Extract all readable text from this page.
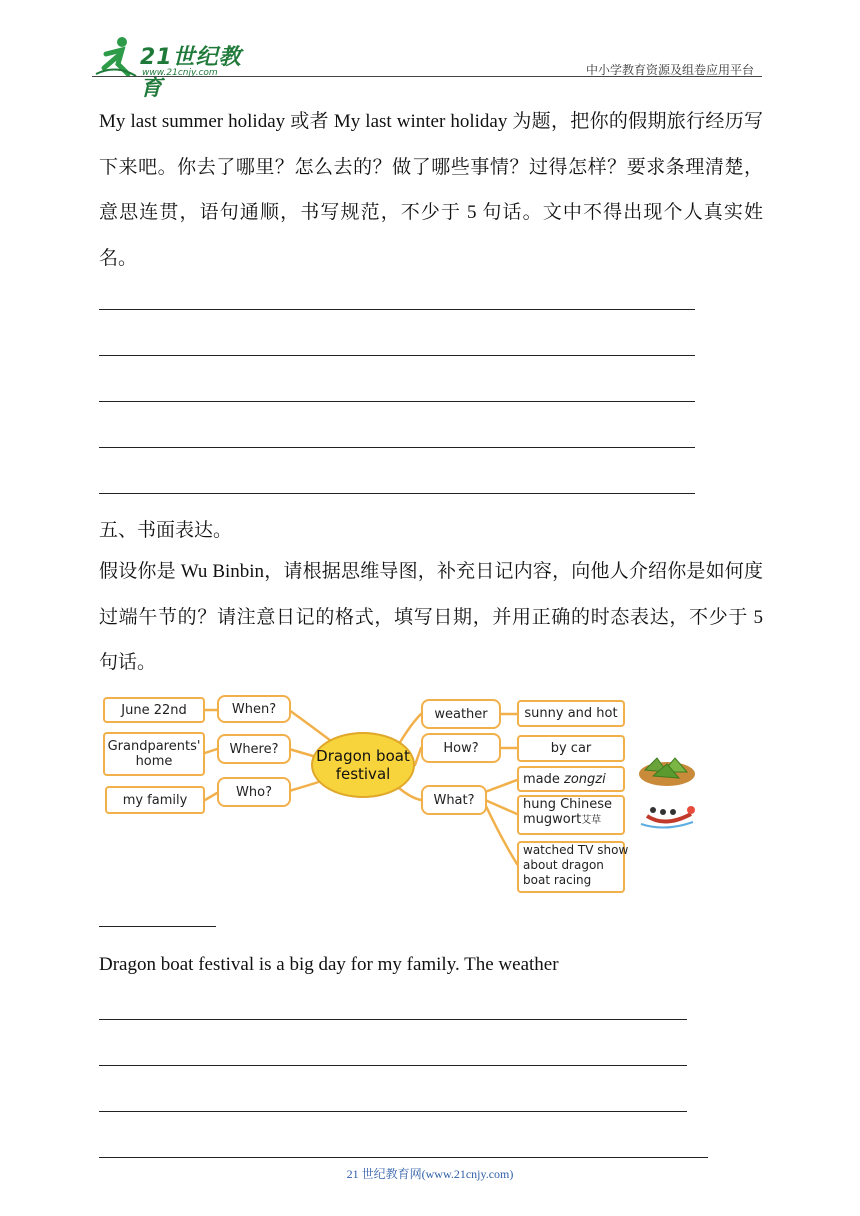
21世纪教育
www.21cnjy.com	中小学教育资源及组卷应用平台
My last summer holiday 或者 My last winter holiday 为题，把你的假期旅行经历写下来吧。你去了哪里？怎么去的？做了哪些事情？过得怎样？要求条理清楚，意思连贯，语句通顺，书写规范，不少于 5 句话。文中不得出现个人真实姓名。
五、书面表达。
假设你是 Wu Binbin，请根据思维导图，补充日记内容，向他人介绍你是如何度过端午节的？请注意日记的格式，填写日期，并用正确的时态表达，不少于 5 句话。
June 22nd	When?
Grandparents'
home
Where?
my family
Who?
Dragon boat
festival
weather	sunny and hot
How?	by car
What?
made zongzi
hung Chinese
mugwort艾草
watched TV show
about dragon
boat racing
Dragon boat festival is a big day for my family. The weather
21 世纪教育网(www.21cnjy.com)
